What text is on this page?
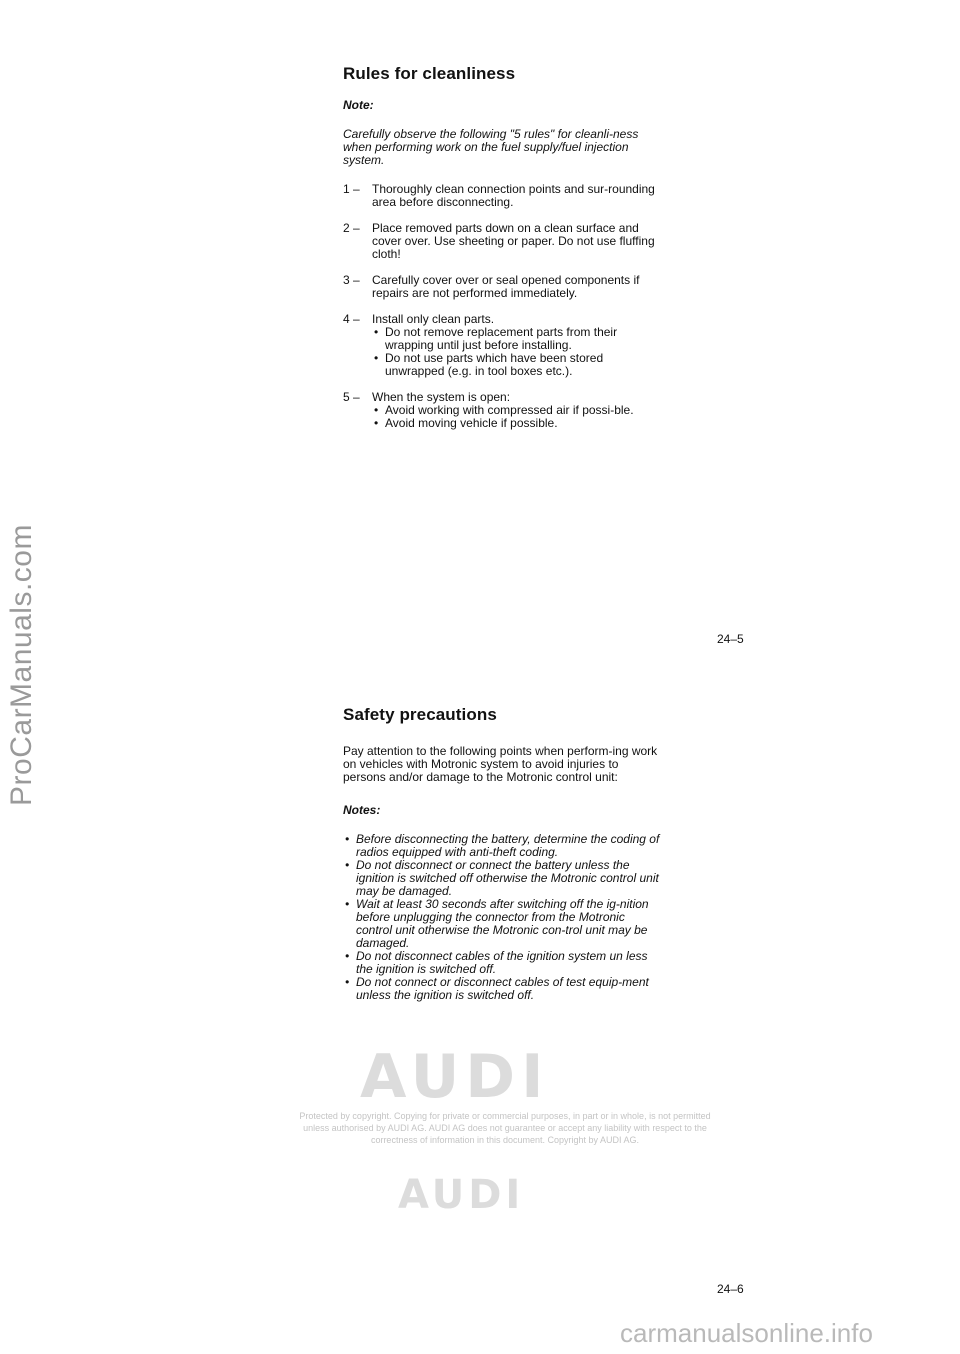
ProCarManuals.com
Rules for cleanliness

Note:

Carefully observe the following "5 rules" for cleanli-ness when performing work on the fuel supply/fuel injection system.

1 – Thoroughly clean connection points and sur-rounding area before disconnecting.
2 – Place removed parts down on a clean surface and cover over. Use sheeting or paper. Do not use fluffing cloth!
3 – Carefully cover over or seal opened components if repairs are not performed immediately.
4 – Install only clean parts.
• Do not remove replacement parts from their wrapping until just before installing.
• Do not use parts which have been stored unwrapped (e.g. in tool boxes etc.).
5 – When the system is open:
• Avoid working with compressed air if possi-ble.
• Avoid moving vehicle if possible.
24–5
Safety precautions

Pay attention to the following points when perform-ing work on vehicles with Motronic system to avoid injuries to persons and/or damage to the Motronic control unit:

Notes:

• Before disconnecting the battery, determine the coding of radios equipped with anti-theft coding.
• Do not disconnect or connect the battery unless the ignition is switched off otherwise the Motronic control unit may be damaged.
• Wait at least 30 seconds after switching off the ig-nition before unplugging the connector from the Motronic control unit otherwise the Motronic con-trol unit may be damaged.
• Do not disconnect cables of the ignition system un less the ignition is switched off.
• Do not connect or disconnect cables of test equip-ment unless the ignition is switched off.
AUDI
Protected by copyright. Copying for private or commercial purposes, in part or in whole, is not permitted unless authorised by AUDI AG. AUDI AG does not guarantee or accept any liability with respect to the correctness of information in this document. Copyright by AUDI AG.
AUDI
24–6
carmanualsonline.info
